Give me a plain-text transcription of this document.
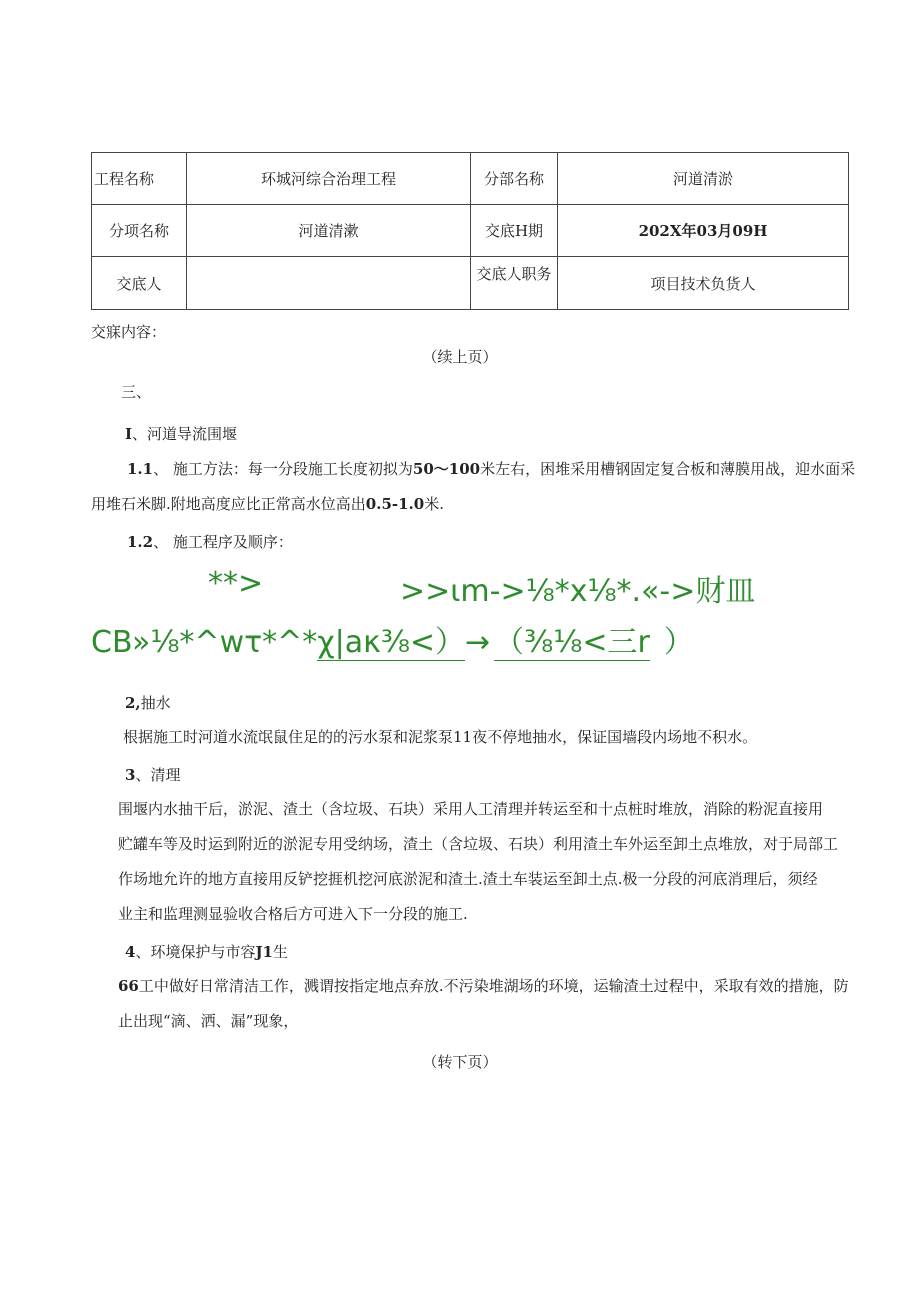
工程名称	环城河综合治理工程	分部名称	河道清淤
分项名称	河道清漱	交底H期	202X年03月09H
交底人		交底人职务	项目技术负货人
交寐内容：
（续上页）
三、
I、河道导流围堰
1.1、 施工方法：每一分段施工长度初拟为50～100米左右，困堆采用槽钢固定复合板和薄膜用战，迎水面采
用堆石米脚.附地高度应比正常高水位高出0.5-1.0米.
1.2、 施工程序及顺序：
**>	>>ιm->⅛*x⅛*.«->财皿
CB»⅛*^wτ*^*χ|aκ⅜<）→ （⅜⅛<三r ）
2,抽水
根据施工时河道水流氓鼠住足的的污水泵和泥浆泵11夜不停地抽水，保证国墙段内场地不积水。
3、清理
围堰内水抽干后，淤泥、渣土（含垃圾、石块）采用人工清理并转运至和十点桩时堆放，消除的粉泥直接用
贮罐车等及时运到附近的淤泥专用受纳场，渣土（含垃圾、石块）利用渣土车外运至卸土点堆放，对于局部工
作场地允许的地方直接用反铲挖捱机挖河底淤泥和渣土.渣土车装运至卸土点.极一分段的河底消理后，须经
业主和监理测显验收合格后方可进入下一分段的施工.
4、环境保护与市容J1生
66工中做好日常清洁工作，溅谓按指定地点弃放.不污染堆湖场的环境，运输渣土过程中，采取有效的措施，防
止出现“滴、洒、漏”现象，
（转下页）
